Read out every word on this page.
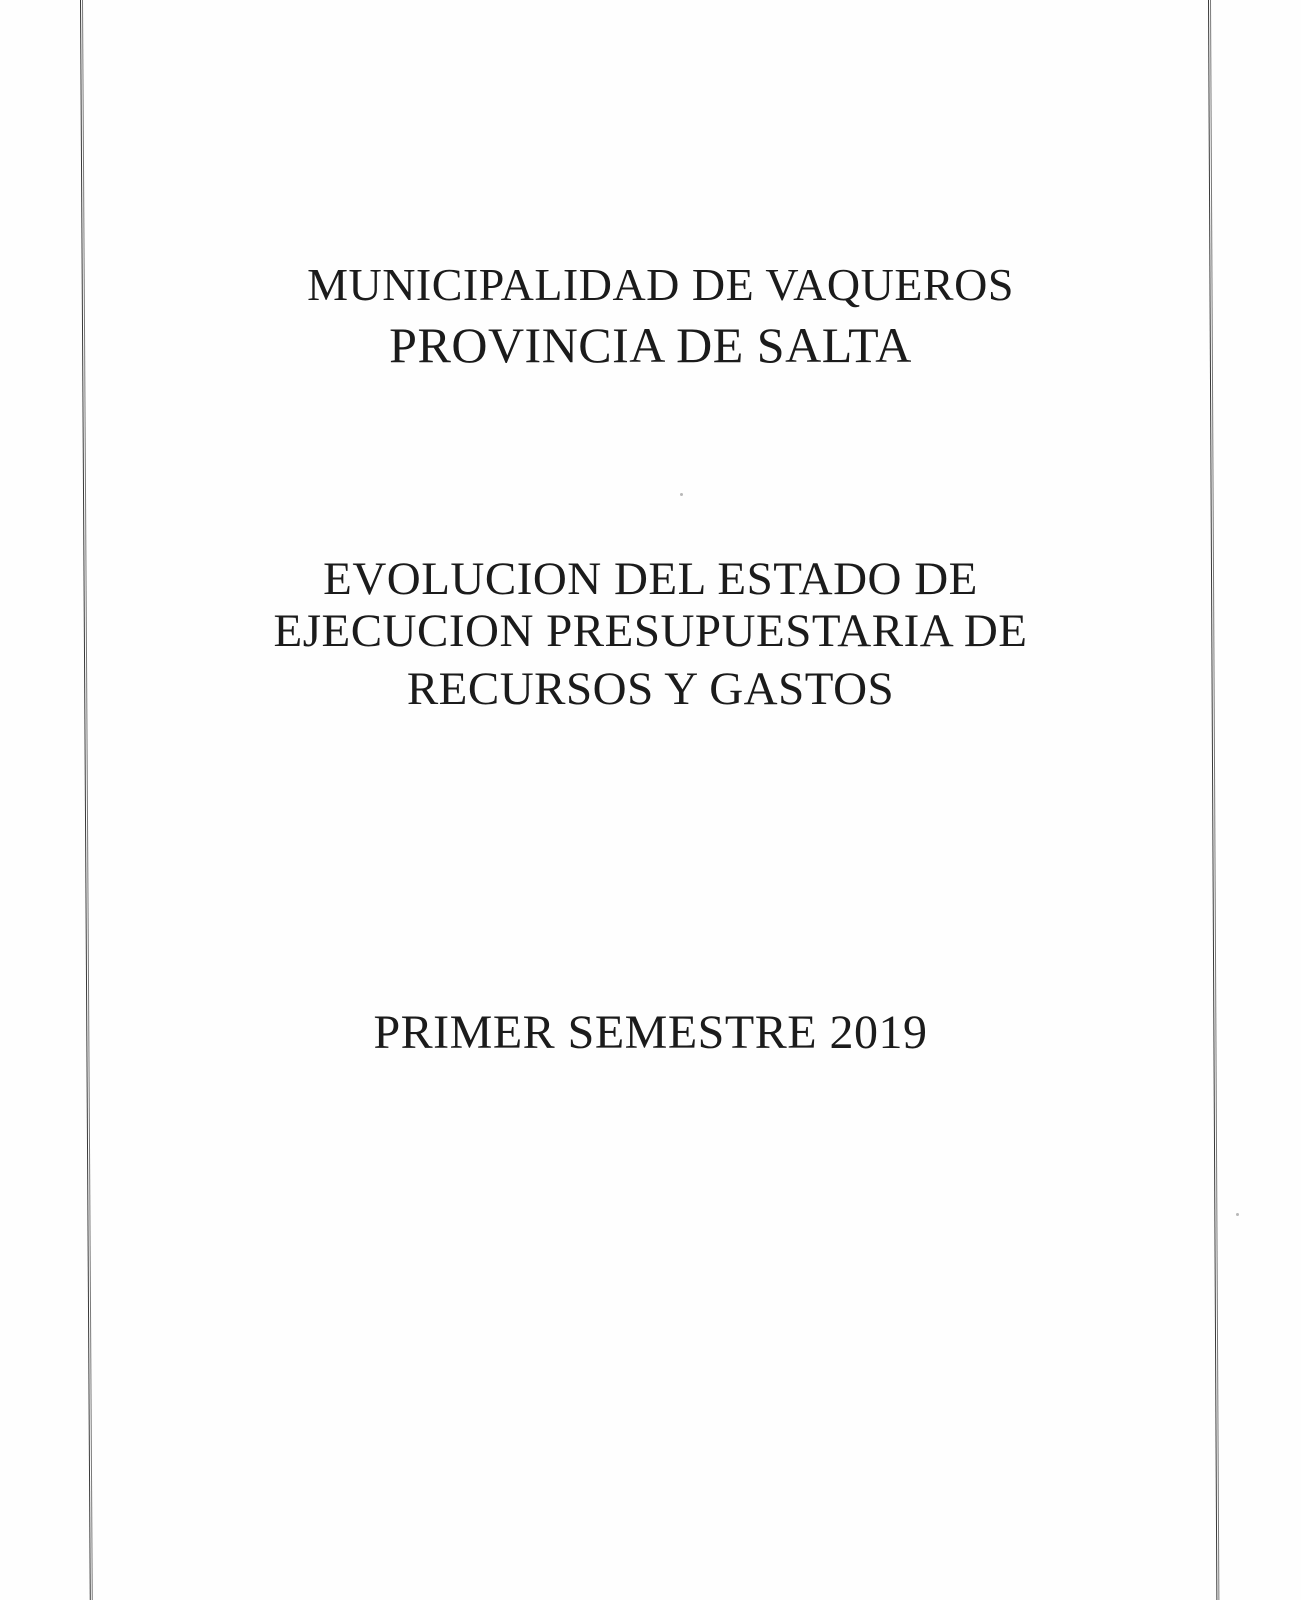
MUNICIPALIDAD DE VAQUEROS
PROVINCIA DE SALTA

EVOLUCION DEL ESTADO DE

EJECUCION PRESUPUESTARIA DE

RECURSOS Y GASTOS

PRIMER SEMESTRE 2019
